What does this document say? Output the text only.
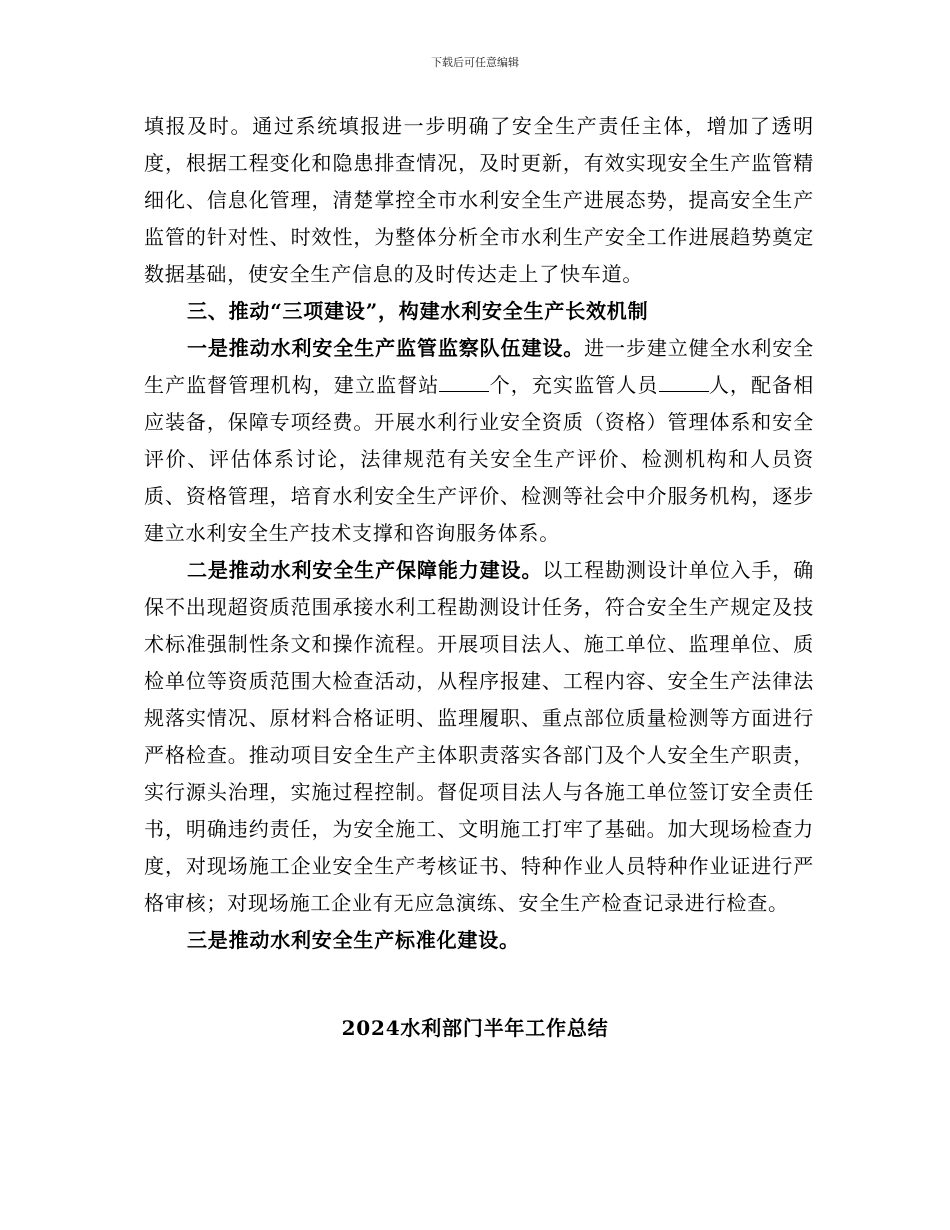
下载后可任意编辑

填报及时。通过系统填报进一步明确了安全生产责任主体，增加了透明度，根据工程变化和隐患排查情况，及时更新，有效实现安全生产监管精细化、信息化管理，清楚掌控全市水利安全生产进展态势，提高安全生产监管的针对性、时效性，为整体分析全市水利生产安全工作进展趋势奠定数据基础，使安全生产信息的及时传达走上了快车道。

三、推动“三项建设”，构建水利安全生产长效机制

一是推动水利安全生产监管监察队伍建设。进一步建立健全水利安全生产监督管理机构，建立监督站	个，充实监管人员	人，配备相应装备，保障专项经费。开展水利行业安全资质（资格）管理体系和安全评价、评估体系讨论，法律规范有关安全生产评价、检测机构和人员资质、资格管理，培育水利安全生产评价、检测等社会中介服务机构，逐步建立水利安全生产技术支撑和咨询服务体系。

二是推动水利安全生产保障能力建设。以工程勘测设计单位入手，确保不出现超资质范围承接水利工程勘测设计任务，符合安全生产规定及技术标准强制性条文和操作流程。开展项目法人、施工单位、监理单位、质检单位等资质范围大检查活动，从程序报建、工程内容、安全生产法律法规落实情况、原材料合格证明、监理履职、重点部位质量检测等方面进行严格检查。推动项目安全生产主体职责落实各部门及个人安全生产职责，实行源头治理，实施过程控制。督促项目法人与各施工单位签订安全责任书，明确违约责任，为安全施工、文明施工打牢了基础。加大现场检查力度，对现场施工企业安全生产考核证书、特种作业人员特种作业证进行严格审核；对现场施工企业有无应急演练、安全生产检查记录进行检查。

三是推动水利安全生产标准化建设。

2024水利部门半年工作总结
